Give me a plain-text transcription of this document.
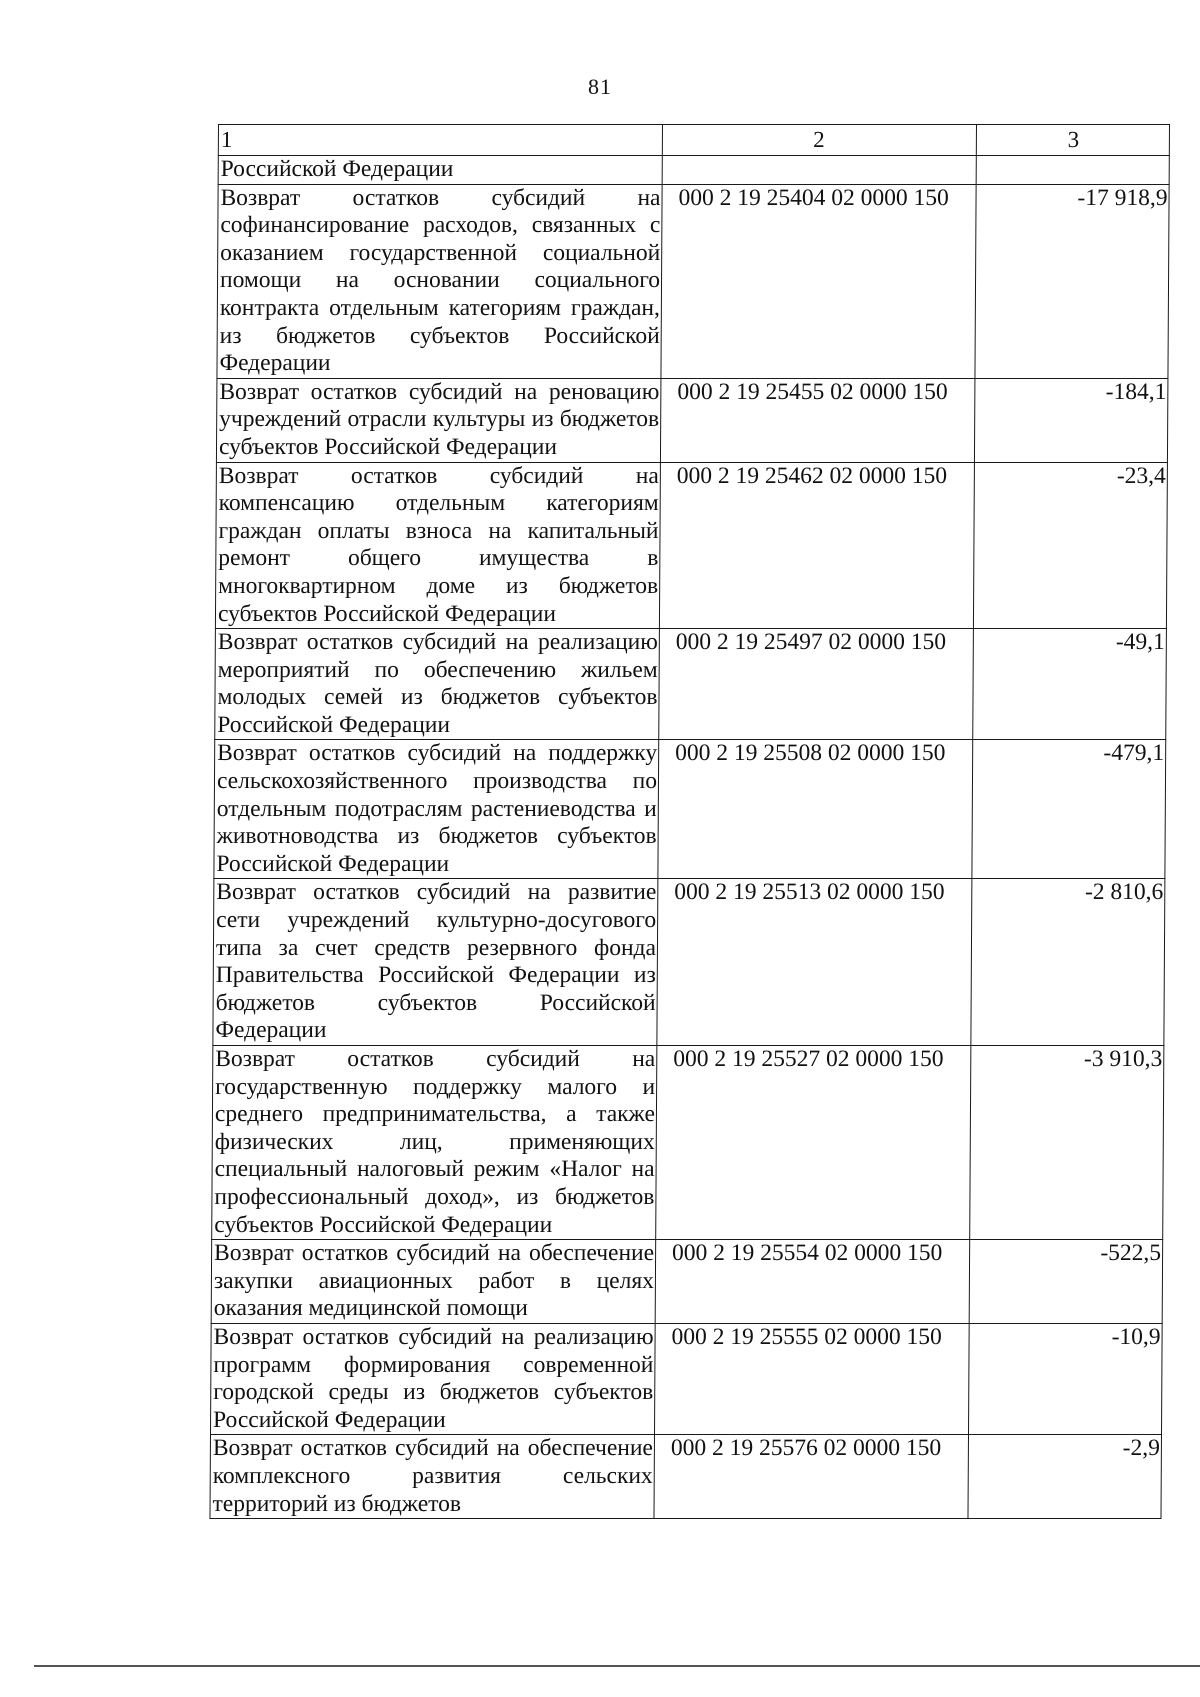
81
1	2	3
Российской Федерации		
Возврат остатков субсидий на софинансирование расходов, связанных с оказанием государственной социальной помощи на основании социального контракта отдельным категориям граждан, из бюджетов субъектов Российской Федерации	000 2 19 25404 02 0000 150	-17 918,9
Возврат остатков субсидий на реновацию учреждений отрасли культуры из бюджетов субъектов Российской Федерации	000 2 19 25455 02 0000 150	-184,1
Возврат остатков субсидий на компенсацию отдельным категориям граждан оплаты взноса на капитальный ремонт общего имущества в многоквартирном доме из бюджетов субъектов Российской Федерации	000 2 19 25462 02 0000 150	-23,4
Возврат остатков субсидий на реализацию мероприятий по обеспечению жильем молодых семей из бюджетов субъектов Российской Федерации	000 2 19 25497 02 0000 150	-49,1
Возврат остатков субсидий на поддержку сельскохозяйственного производства по отдельным подотраслям растениеводства и животноводства из бюджетов субъектов Российской Федерации	000 2 19 25508 02 0000 150	-479,1
Возврат остатков субсидий на развитие сети учреждений культурно-досугового типа за счет средств резервного фонда Правительства Российской Федерации из бюджетов субъектов Российской Федерации	000 2 19 25513 02 0000 150	-2 810,6
Возврат остатков субсидий на государственную поддержку малого и среднего предпринимательства, а также физических лиц, применяющих специальный налоговый режим «Налог на профессиональный доход», из бюджетов субъектов Российской Федерации	000 2 19 25527 02 0000 150	-3 910,3
Возврат остатков субсидий на обеспечение закупки авиационных работ в целях оказания медицинской помощи	000 2 19 25554 02 0000 150	-522,5
Возврат остатков субсидий на реализацию программ формирования современной городской среды из бюджетов субъектов Российской Федерации	000 2 19 25555 02 0000 150	-10,9
Возврат остатков субсидий на обеспечение комплексного развития сельских территорий из бюджетов	000 2 19 25576 02 0000 150	-2,9
